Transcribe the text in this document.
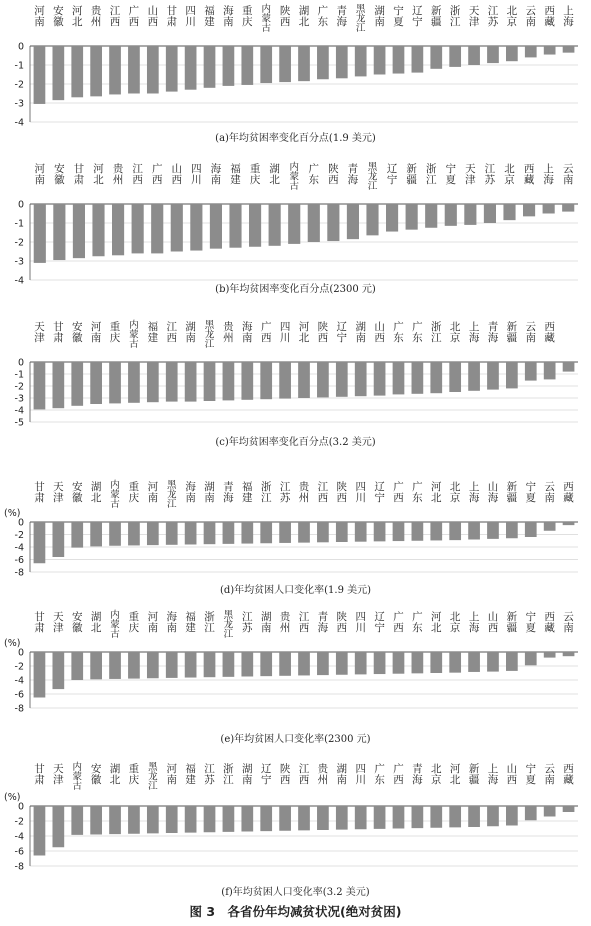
0
-1
-2
-3
-4
河南
安徽
河北
贵州
江西
广西
山西
甘肃
四川
福建
海南
重庆
内蒙古
陕西
湖北
广东
青海
黑龙江
湖南
宁夏
辽宁
新疆
浙江
天津
江苏
北京
云南
西藏
上海
(a)年均贫困率变化百分点(1.9 美元)
0
-1
-2
-3
-4
河南
安徽
甘肃
河北
贵州
江西
广西
山西
四川
海南
福建
重庆
湖北
内蒙古
广东
陕西
青海
黑龙江
辽宁
新疆
浙江
宁夏
天津
江苏
北京
西藏
上海
云南
(b)年均贫困率变化百分点(2300 元)
0
-1
-2
-3
-4
-5
天津
甘肃
安徽
河南
重庆
内蒙古
福建
江西
湖南
黑龙江
贵州
海南
广西
四川
河北
陕西
辽宁
湖南
山西
广东
广东
浙江
北京
上海
青海
新疆
云南
西藏
(c)年均贫困率变化百分点(3.2 美元)
0
-2
-4
-6
-8
(%)
甘肃
天津
安徽
湖北
内蒙古
重庆
河南
黑龙江
海南
湖南
青海
福建
浙江
江苏
贵州
江西
陕西
四川
辽宁
广西
广东
河北
北京
上海
山海
新疆
宁夏
云南
西藏
(d)年均贫困人口变化率(1.9 美元)
0
-2
-4
-6
-8
(%)
甘肃
天津
安徽
湖北
内蒙古
重庆
河南
海南
福建
浙江
黑龙江
江苏
湖南
贵州
江西
青海
陕西
四川
辽宁
广西
广东
河北
北京
上海
山西
新疆
宁夏
西藏
云南
(e)年均贫困人口变化率(2300 元)
0
-2
-4
-6
-8
(%)
甘肃
天津
内蒙古
安徽
湖北
重庆
黑龙江
河南
福建
江苏
浙江
湖南
辽宁
陕西
江西
贵州
湖南
四川
广东
广西
青海
北京
河北
新疆
上海
山西
宁夏
云南
西藏
(f)年均贫困人口变化率(3.2 美元)
图 3　各省份年均减贫状况(绝对贫困)
